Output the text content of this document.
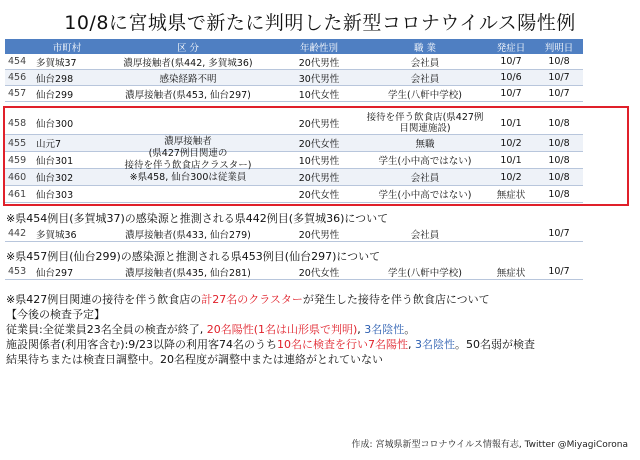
10/8に宮城県で新たに判明した新型コロナウイルス陽性例
	市町村	区 分	年齢性別	職 業	発症日	判明日
454	多賀城37	濃厚接触者(県442, 多賀城36)	20代男性	会社員	10/7	10/8
456	仙台298	感染経路不明	30代男性	会社員	10/6	10/7
457	仙台299	濃厚接触者(県453, 仙台297)	10代女性	学生(八軒中学校)	10/7	10/7
458	仙台300		20代男性	接待を伴う飲食店(県427例目関連施設)	10/1	10/8
455	山元7		20代女性	無職	10/2	10/8
459	仙台301		10代男性	学生(小中高ではない)	10/1	10/8
460	仙台302		20代男性	会社員	10/2	10/8
461	仙台303		20代女性	学生(小中高ではない)	無症状	10/8
濃厚接触者
(県427例目関連の
接待を伴う飲食店クラスター)
※県458, 仙台300は従業員
※県454例目(多賀城37)の感染源と推測される県442例目(多賀城36)について
442	多賀城36	濃厚接触者(県433, 仙台279)	20代男性	会社員		10/7
※県457例目(仙台299)の感染源と推測される県453例目(仙台297)について
453	仙台297	濃厚接触者(県435, 仙台281)	20代女性	学生(八軒中学校)	無症状	10/7
※県427例目関連の接待を伴う飲食店の計27名のクラスターが発生した接待を伴う飲食店について
【今後の検査予定】
従業員:全従業員23名全員の検査が終了, 20名陽性(1名は山形県で判明), 3名陰性。
施設関係者(利用客含む):9/23以降の利用客74名のうち10名に検査を行い7名陽性, 3名陰性。50名弱が検査
結果待ちまたは検査日調整中。20名程度が調整中または連絡がとれていない
作成: 宮城県新型コロナウイルス情報有志, Twitter @MiyagiCorona
